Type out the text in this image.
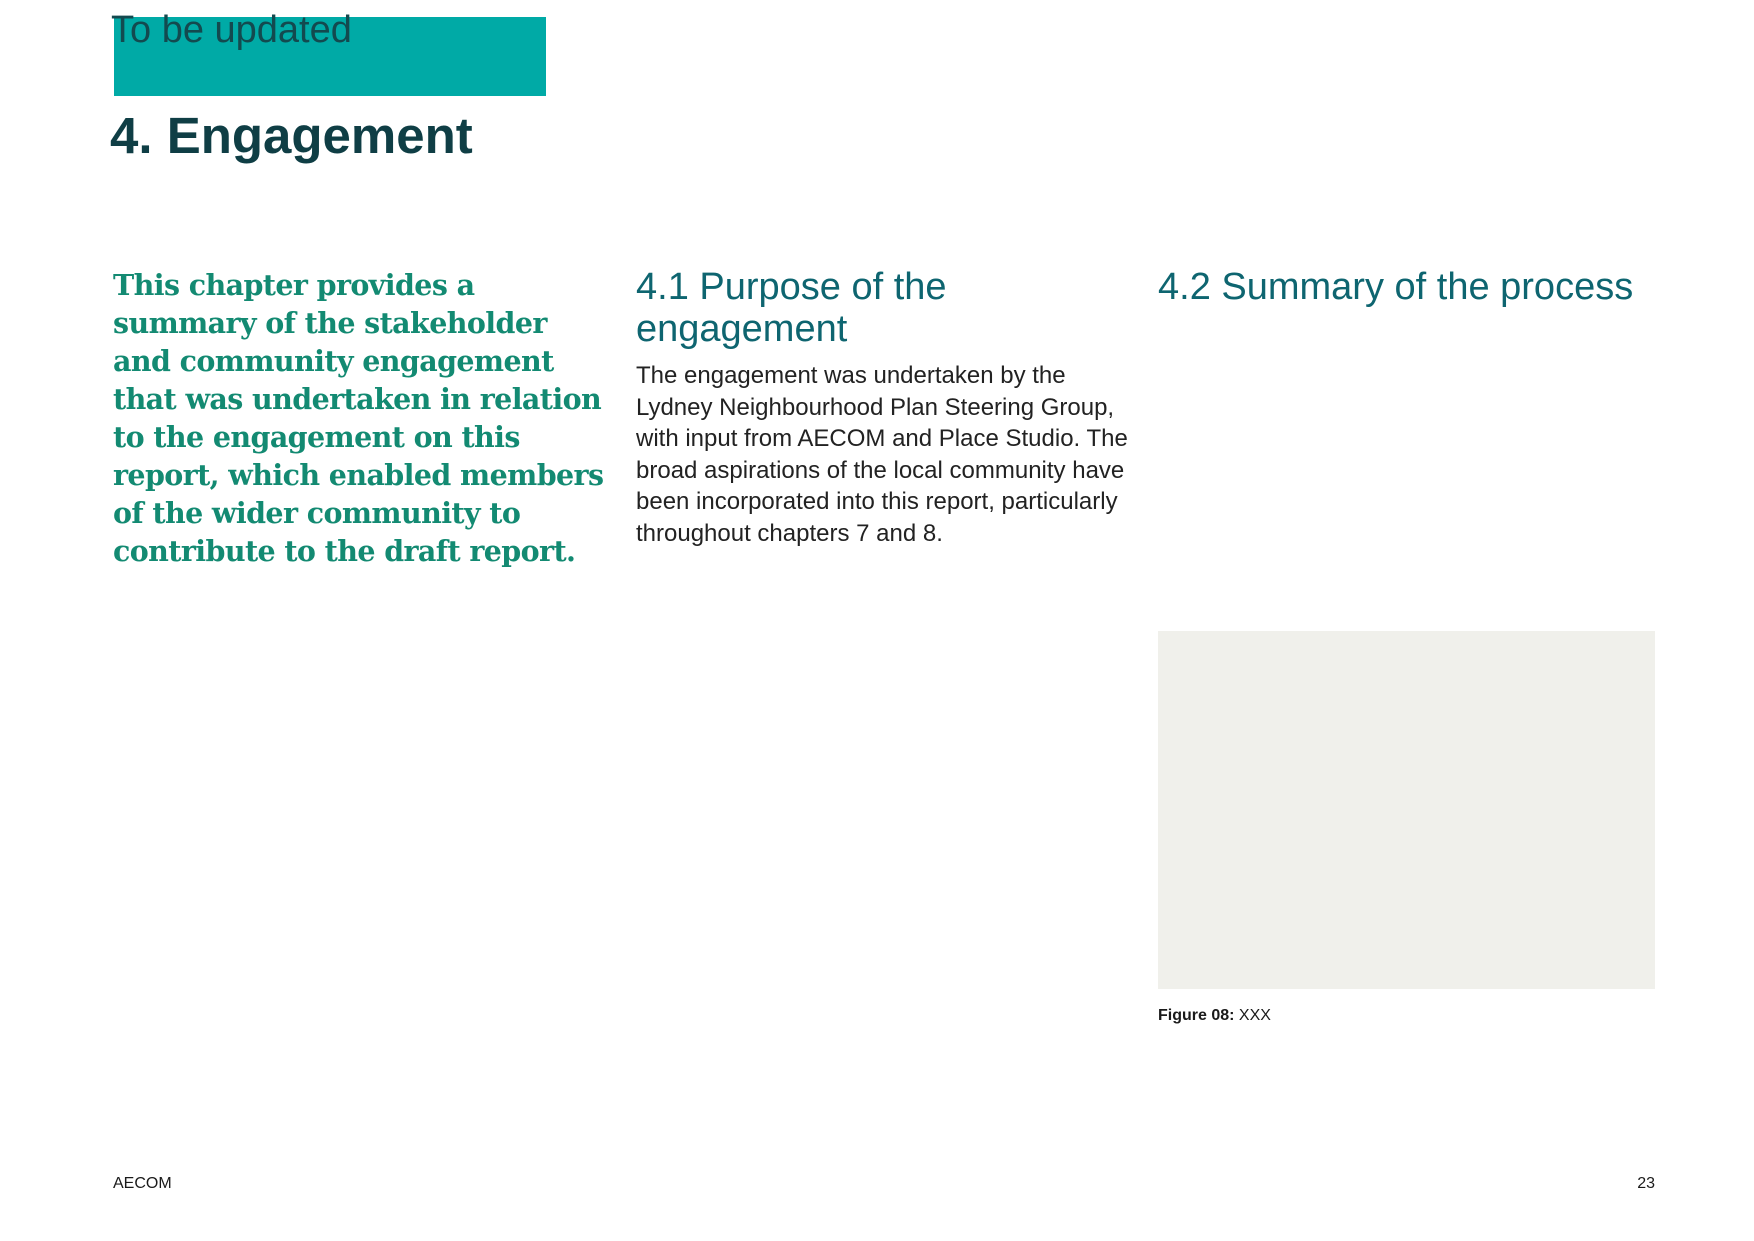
To be updated
4. Engagement

This chapter provides a summary of the stakeholder and community engagement that was undertaken in relation to the engagement on this report, which enabled members of the wider community to contribute to the draft report.

4.1 Purpose of the engagement

The engagement was undertaken by the Lydney Neighbourhood Plan Steering Group, with input from AECOM and Place Studio. The broad aspirations of the local community have been incorporated into this report, particularly throughout chapters 7 and 8.

4.2 Summary of the process
Figure 08: XXX
AECOM	23
